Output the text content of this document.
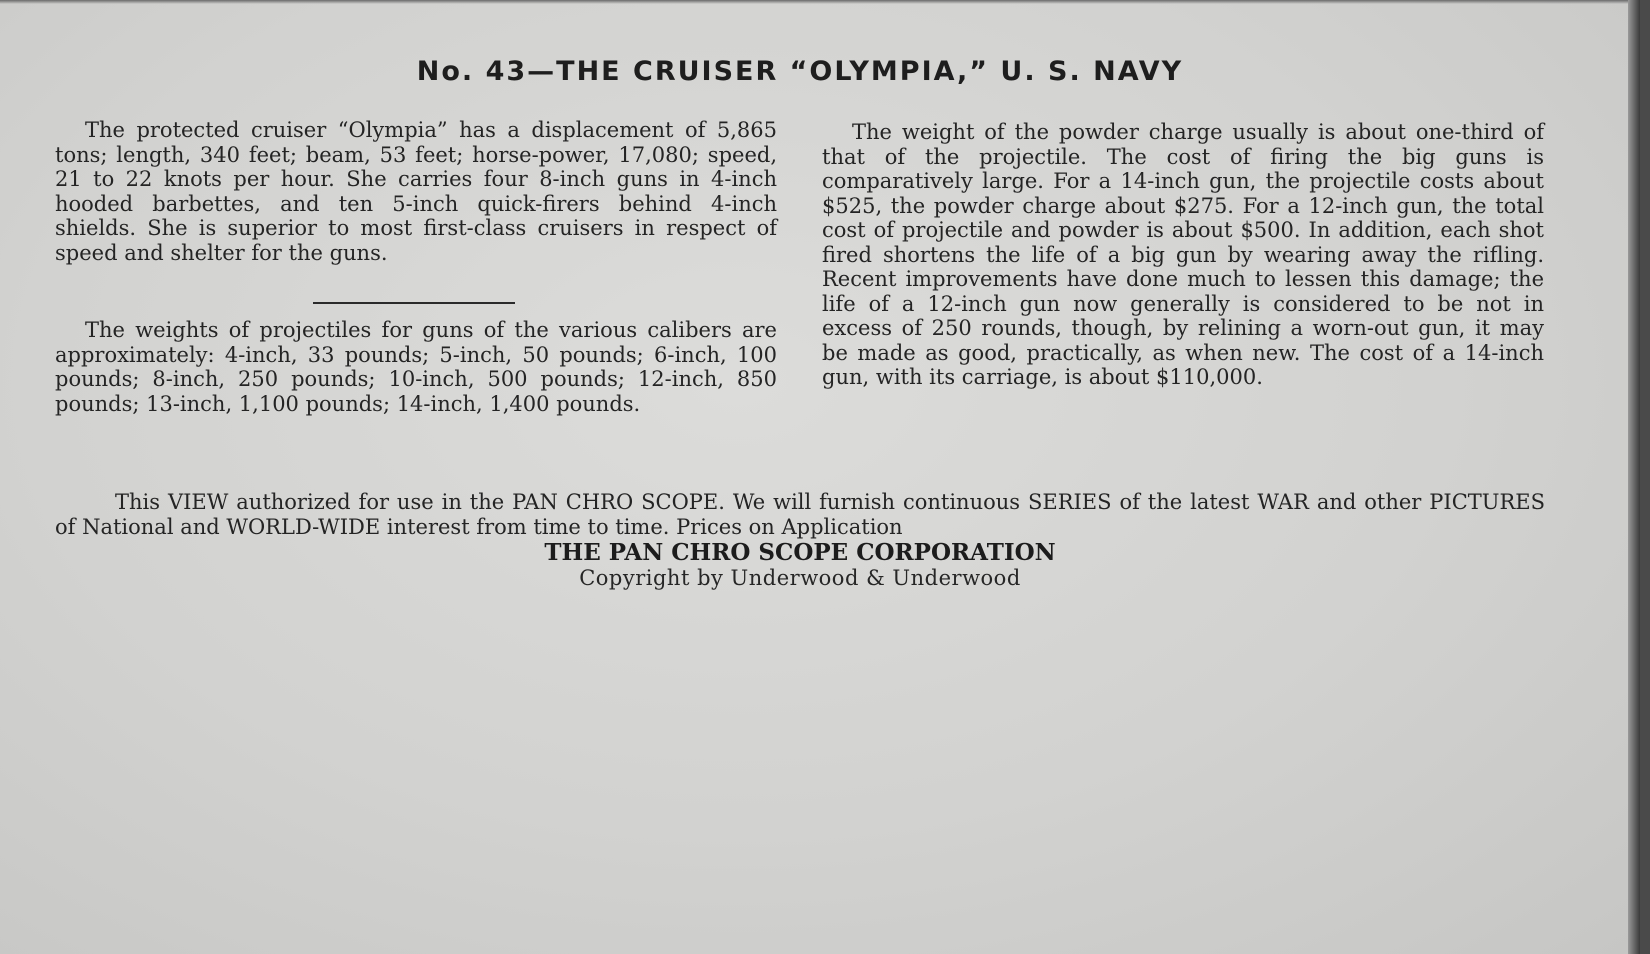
No. 43—THE CRUISER “OLYMPIA,” U. S. NAVY

The protected cruiser “Olympia” has a displacement of 5,865 tons; length, 340 feet; beam, 53 feet; horse-power, 17,080; speed, 21 to 22 knots per hour. She carries four 8-inch guns in 4-inch hooded barbettes, and ten 5-inch quick-firers behind 4-inch shields. She is superior to most first-class cruisers in respect of speed and shelter for the guns.

The weights of projectiles for guns of the various calibers are approximately: 4-inch, 33 pounds; 5-inch, 50 pounds; 6-inch, 100 pounds; 8-inch, 250 pounds; 10-inch, 500 pounds; 12-inch, 850 pounds; 13-inch, 1,100 pounds; 14-inch, 1,400 pounds.

The weight of the powder charge usually is about one-third of that of the projectile. The cost of firing the big guns is comparatively large. For a 14-inch gun, the projectile costs about $525, the powder charge about $275. For a 12-inch gun, the total cost of projectile and powder is about $500. In addition, each shot fired shortens the life of a big gun by wearing away the rifling. Recent improvements have done much to lessen this damage; the life of a 12-inch gun now generally is considered to be not in excess of 250 rounds, though, by relining a worn-out gun, it may be made as good, practically, as when new. The cost of a 14-inch gun, with its carriage, is about $110,000.

This VIEW authorized for use in the PAN CHRO SCOPE. We will furnish continuous SERIES of the latest WAR and other PICTURES of National and WORLD-WIDE interest from time to time. Prices on Application

THE PAN CHRO SCOPE CORPORATION
Copyright by Underwood & Underwood
